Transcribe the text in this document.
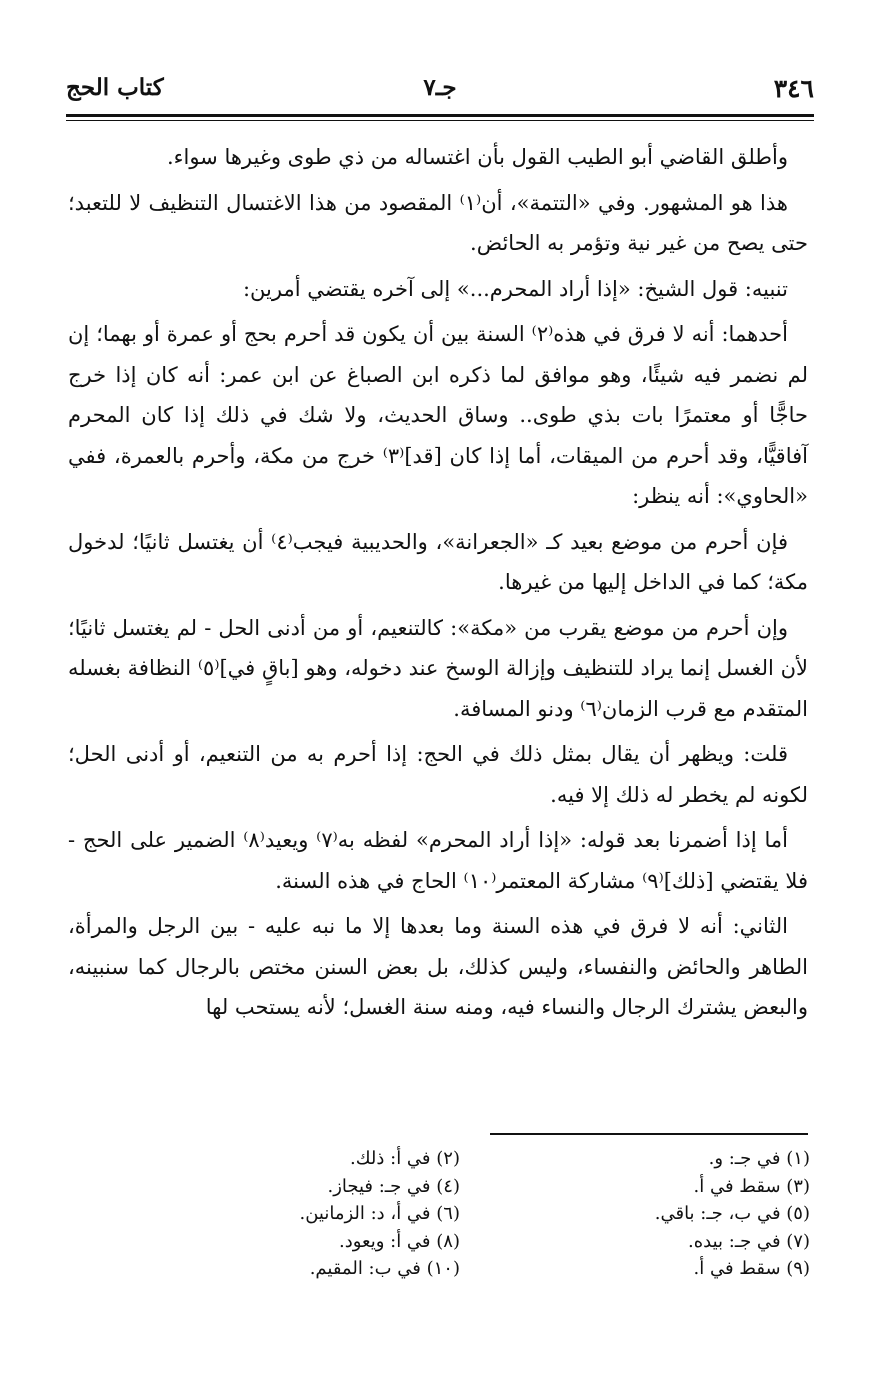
٣٤٦
جـ٧
كتاب الحج

وأطلق القاضي أبو الطيب القول بأن اغتساله من ذي طوى وغيرها سواء.

هذا هو المشهور. وفي «التتمة»، أن⁽١⁾ المقصود من هذا الاغتسال التنظيف لا للتعبد؛ حتى يصح من غير نية وتؤمر به الحائض.

تنبيه: قول الشيخ: «إذا أراد المحرم...» إلى آخره يقتضي أمرين:

أحدهما: أنه لا فرق في هذه⁽٢⁾ السنة بين أن يكون قد أحرم بحج أو عمرة أو بهما؛ إن لم نضمر فيه شيئًا، وهو موافق لما ذكره ابن الصباغ عن ابن عمر: أنه كان إذا خرج حاجًّا أو معتمرًا بات بذي طوى.. وساق الحديث، ولا شك في ذلك إذا كان المحرم آفاقيًّا، وقد أحرم من الميقات، أما إذا كان [قد]⁽٣⁾ خرج من مكة، وأحرم بالعمرة، ففي «الحاوي»: أنه ينظر:

فإن أحرم من موضع بعيد كـ «الجعرانة»، والحديبية فيجب⁽٤⁾ أن يغتسل ثانيًا؛ لدخول مكة؛ كما في الداخل إليها من غيرها.

وإن أحرم من موضع يقرب من «مكة»: كالتنعيم، أو من أدنى الحل - لم يغتسل ثانيًا؛ لأن الغسل إنما يراد للتنظيف وإزالة الوسخ عند دخوله، وهو [باقٍ في]⁽٥⁾ النظافة بغسله المتقدم مع قرب الزمان⁽٦⁾ ودنو المسافة.

قلت: ويظهر أن يقال بمثل ذلك في الحج: إذا أحرم به من التنعيم، أو أدنى الحل؛ لكونه لم يخطر له ذلك إلا فيه.

أما إذا أضمرنا بعد قوله: «إذا أراد المحرم» لفظه به⁽٧⁾ ويعيد⁽٨⁾ الضمير على الحج - فلا يقتضي [ذلك]⁽٩⁾ مشاركة المعتمر⁽١٠⁾ الحاج في هذه السنة.

الثاني: أنه لا فرق في هذه السنة وما بعدها إلا ما نبه عليه - بين الرجل والمرأة، الطاهر والحائض والنفساء، وليس كذلك، بل بعض السنن مختص بالرجال كما سنبينه، والبعض يشترك الرجال والنساء فيه، ومنه سنة الغسل؛ لأنه يستحب لها

(١) في جـ: و.
(٢) في أ: ذلك.
(٣) سقط في أ.
(٤) في جـ: فيجاز.
(٥) في ب، جـ: باقي.
(٦) في أ، د: الزمانين.
(٧) في جـ: بيده.
(٨) في أ: ويعود.
(٩) سقط في أ.
(١٠) في ب: المقيم.
